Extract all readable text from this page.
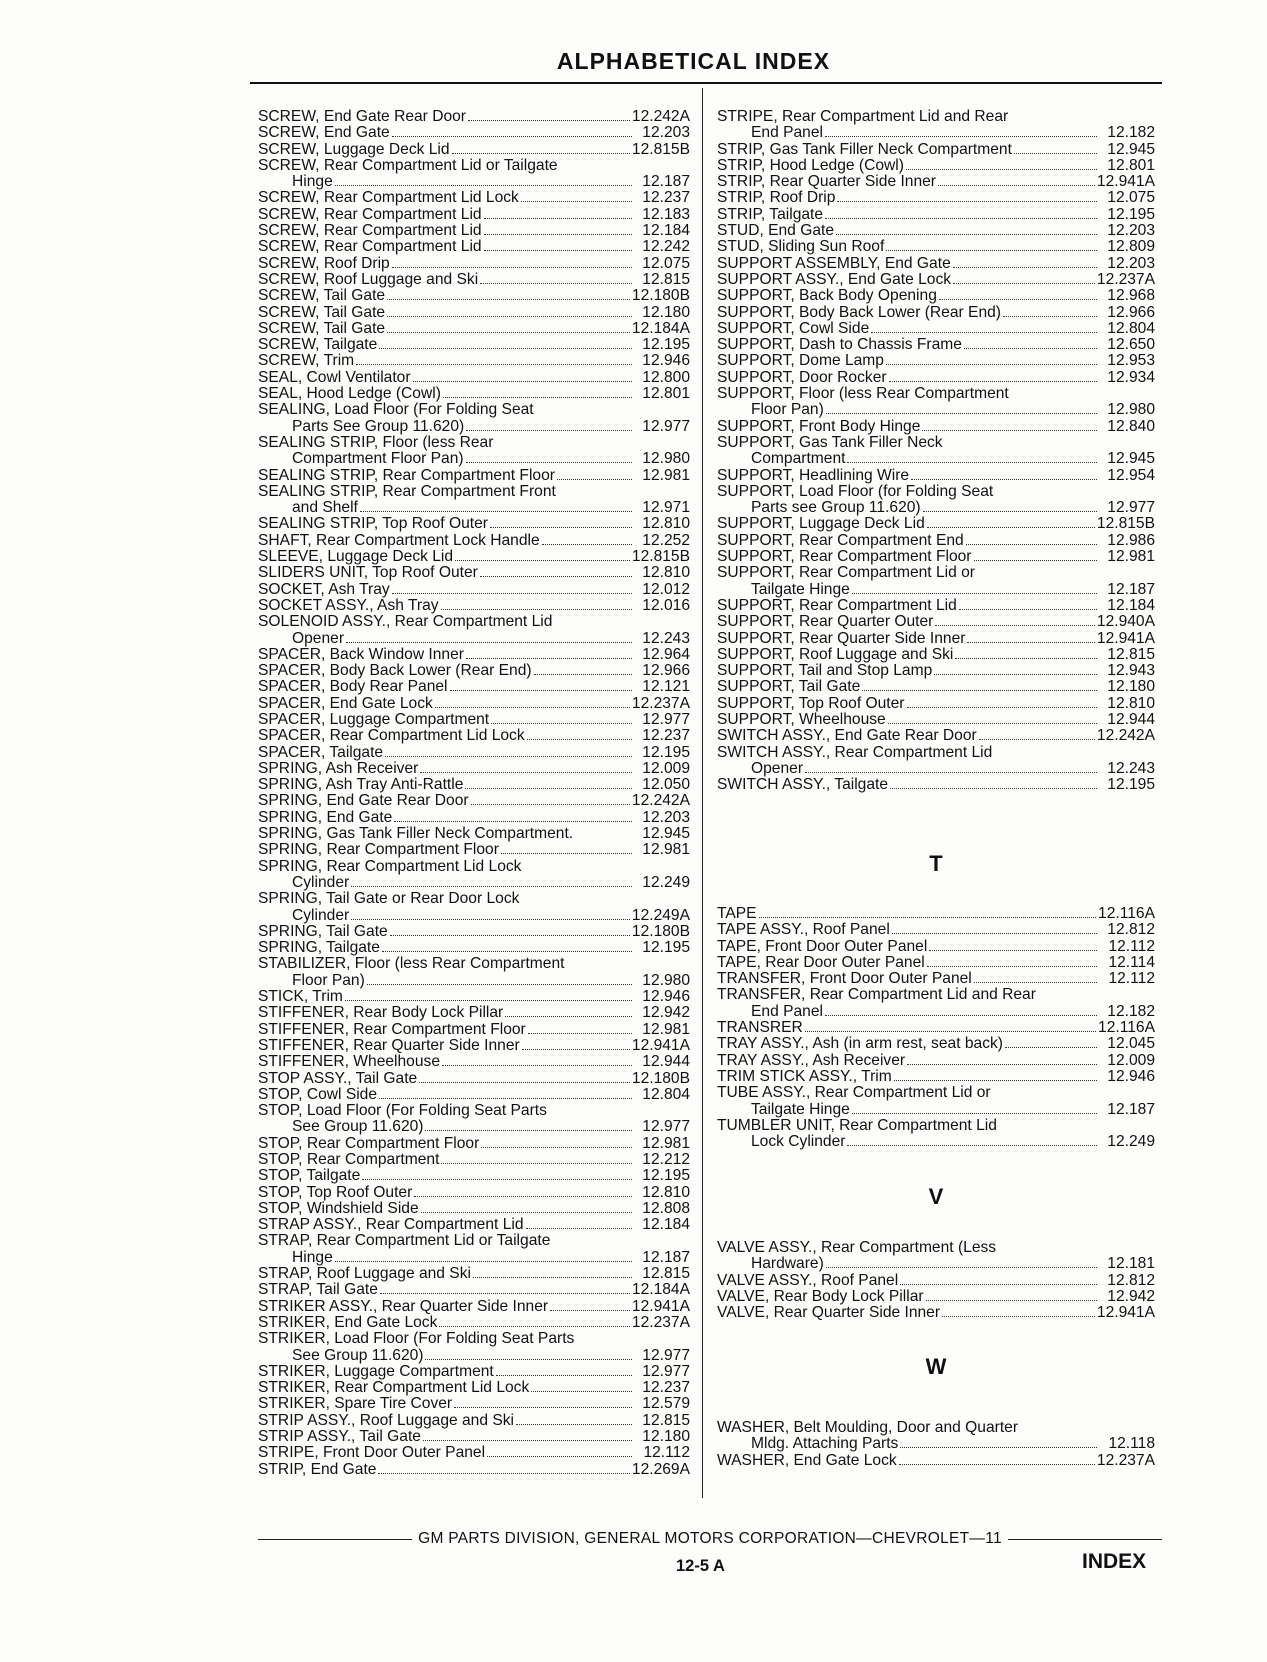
ALPHABETICAL INDEX
SCREW, End Gate Rear Door	12.242A
SCREW, End Gate	12.203
SCREW, Luggage Deck Lid	12.815B
SCREW, Rear Compartment Lid or Tailgate
Hinge	12.187
SCREW, Rear Compartment Lid Lock	12.237
SCREW, Rear Compartment Lid	12.183
SCREW, Rear Compartment Lid	12.184
SCREW, Rear Compartment Lid	12.242
SCREW, Roof Drip	12.075
SCREW, Roof Luggage and Ski	12.815
SCREW, Tail Gate	12.180B
SCREW, Tail Gate	12.180
SCREW, Tail Gate	12.184A
SCREW, Tailgate	12.195
SCREW, Trim	12.946
SEAL, Cowl Ventilator	12.800
SEAL, Hood Ledge (Cowl)	12.801
SEALING, Load Floor (For Folding Seat
Parts See Group 11.620)	12.977
SEALING STRIP, Floor (less Rear
Compartment Floor Pan)	12.980
SEALING STRIP, Rear Compartment Floor	12.981
SEALING STRIP, Rear Compartment Front
and Shelf	12.971
SEALING STRIP, Top Roof Outer	12.810
SHAFT, Rear Compartment Lock Handle	12.252
SLEEVE, Luggage Deck Lid	12.815B
SLIDERS UNIT, Top Roof Outer	12.810
SOCKET, Ash Tray	12.012
SOCKET ASSY., Ash Tray	12.016
SOLENOID ASSY., Rear Compartment Lid
Opener	12.243
SPACER, Back Window Inner	12.964
SPACER, Body Back Lower (Rear End)	12.966
SPACER, Body Rear Panel	12.121
SPACER, End Gate Lock	12.237A
SPACER, Luggage Compartment	12.977
SPACER, Rear Compartment Lid Lock	12.237
SPACER, Tailgate	12.195
SPRING, Ash Receiver	12.009
SPRING, Ash Tray Anti-Rattle	12.050
SPRING, End Gate Rear Door	12.242A
SPRING, End Gate	12.203
SPRING, Gas Tank Filler Neck Compartment.	12.945
SPRING, Rear Compartment Floor	12.981
SPRING, Rear Compartment Lid Lock
Cylinder	12.249
SPRING, Tail Gate or Rear Door Lock
Cylinder	12.249A
SPRING, Tail Gate	12.180B
SPRING, Tailgate	12.195
STABILIZER, Floor (less Rear Compartment
Floor Pan)	12.980
STICK, Trim	12.946
STIFFENER, Rear Body Lock Pillar	12.942
STIFFENER, Rear Compartment Floor	12.981
STIFFENER, Rear Quarter Side Inner	12.941A
STIFFENER, Wheelhouse	12.944
STOP ASSY., Tail Gate	12.180B
STOP, Cowl Side	12.804
STOP, Load Floor (For Folding Seat Parts
See Group 11.620)	12.977
STOP, Rear Compartment Floor	12.981
STOP, Rear Compartment	12.212
STOP, Tailgate	12.195
STOP, Top Roof Outer	12.810
STOP, Windshield Side	12.808
STRAP ASSY., Rear Compartment Lid	12.184
STRAP, Rear Compartment Lid or Tailgate
Hinge	12.187
STRAP, Roof Luggage and Ski	12.815
STRAP, Tail Gate	12.184A
STRIKER ASSY., Rear Quarter Side Inner	12.941A
STRIKER, End Gate Lock	12.237A
STRIKER, Load Floor (For Folding Seat Parts
See Group 11.620)	12.977
STRIKER, Luggage Compartment	12.977
STRIKER, Rear Compartment Lid Lock	12.237
STRIKER, Spare Tire Cover	12.579
STRIP ASSY., Roof Luggage and Ski	12.815
STRIP ASSY., Tail Gate	12.180
STRIPE, Front Door Outer Panel	12.112
STRIP, End Gate	12.269A
STRIPE, Rear Compartment Lid and Rear
End Panel	12.182
STRIP, Gas Tank Filler Neck Compartment	12.945
STRIP, Hood Ledge (Cowl)	12.801
STRIP, Rear Quarter Side Inner	12.941A
STRIP, Roof Drip	12.075
STRIP, Tailgate	12.195
STUD, End Gate	12.203
STUD, Sliding Sun Roof	12.809
SUPPORT ASSEMBLY, End Gate	12.203
SUPPORT ASSY., End Gate Lock	12.237A
SUPPORT, Back Body Opening	12.968
SUPPORT, Body Back Lower (Rear End)	12.966
SUPPORT, Cowl Side	12.804
SUPPORT, Dash to Chassis Frame	12.650
SUPPORT, Dome Lamp	12.953
SUPPORT, Door Rocker	12.934
SUPPORT, Floor (less Rear Compartment
Floor Pan)	12.980
SUPPORT, Front Body Hinge	12.840
SUPPORT, Gas Tank Filler Neck
Compartment	12.945
SUPPORT, Headlining Wire	12.954
SUPPORT, Load Floor (for Folding Seat
Parts see Group 11.620)	12.977
SUPPORT, Luggage Deck Lid	12.815B
SUPPORT, Rear Compartment End	12.986
SUPPORT, Rear Compartment Floor	12.981
SUPPORT, Rear Compartment Lid or
Tailgate Hinge	12.187
SUPPORT, Rear Compartment Lid	12.184
SUPPORT, Rear Quarter Outer	12.940A
SUPPORT, Rear Quarter Side Inner	12.941A
SUPPORT, Roof Luggage and Ski	12.815
SUPPORT, Tail and Stop Lamp	12.943
SUPPORT, Tail Gate	12.180
SUPPORT, Top Roof Outer	12.810
SUPPORT, Wheelhouse	12.944
SWITCH ASSY., End Gate Rear Door	12.242A
SWITCH ASSY., Rear Compartment Lid
Opener	12.243
SWITCH ASSY., Tailgate	12.195
T
TAPE	12.116A
TAPE ASSY., Roof Panel	12.812
TAPE, Front Door Outer Panel	12.112
TAPE, Rear Door Outer Panel	12.114
TRANSFER, Front Door Outer Panel	12.112
TRANSFER, Rear Compartment Lid and Rear
End Panel	12.182
TRANSRER	12.116A
TRAY ASSY., Ash (in arm rest, seat back)	12.045
TRAY ASSY., Ash Receiver	12.009
TRIM STICK ASSY., Trim	12.946
TUBE ASSY., Rear Compartment Lid or
Tailgate Hinge	12.187
TUMBLER UNIT, Rear Compartment Lid
Lock Cylinder	12.249
V
VALVE ASSY., Rear Compartment (Less
Hardware)	12.181
VALVE ASSY., Roof Panel	12.812
VALVE, Rear Body Lock Pillar	12.942
VALVE, Rear Quarter Side Inner	12.941A
W
WASHER, Belt Moulding, Door and Quarter
Mldg. Attaching Parts	12.118
WASHER, End Gate Lock	12.237A
GM PARTS DIVISION, GENERAL MOTORS CORPORATION—CHEVROLET—11
12-5 A	INDEX
